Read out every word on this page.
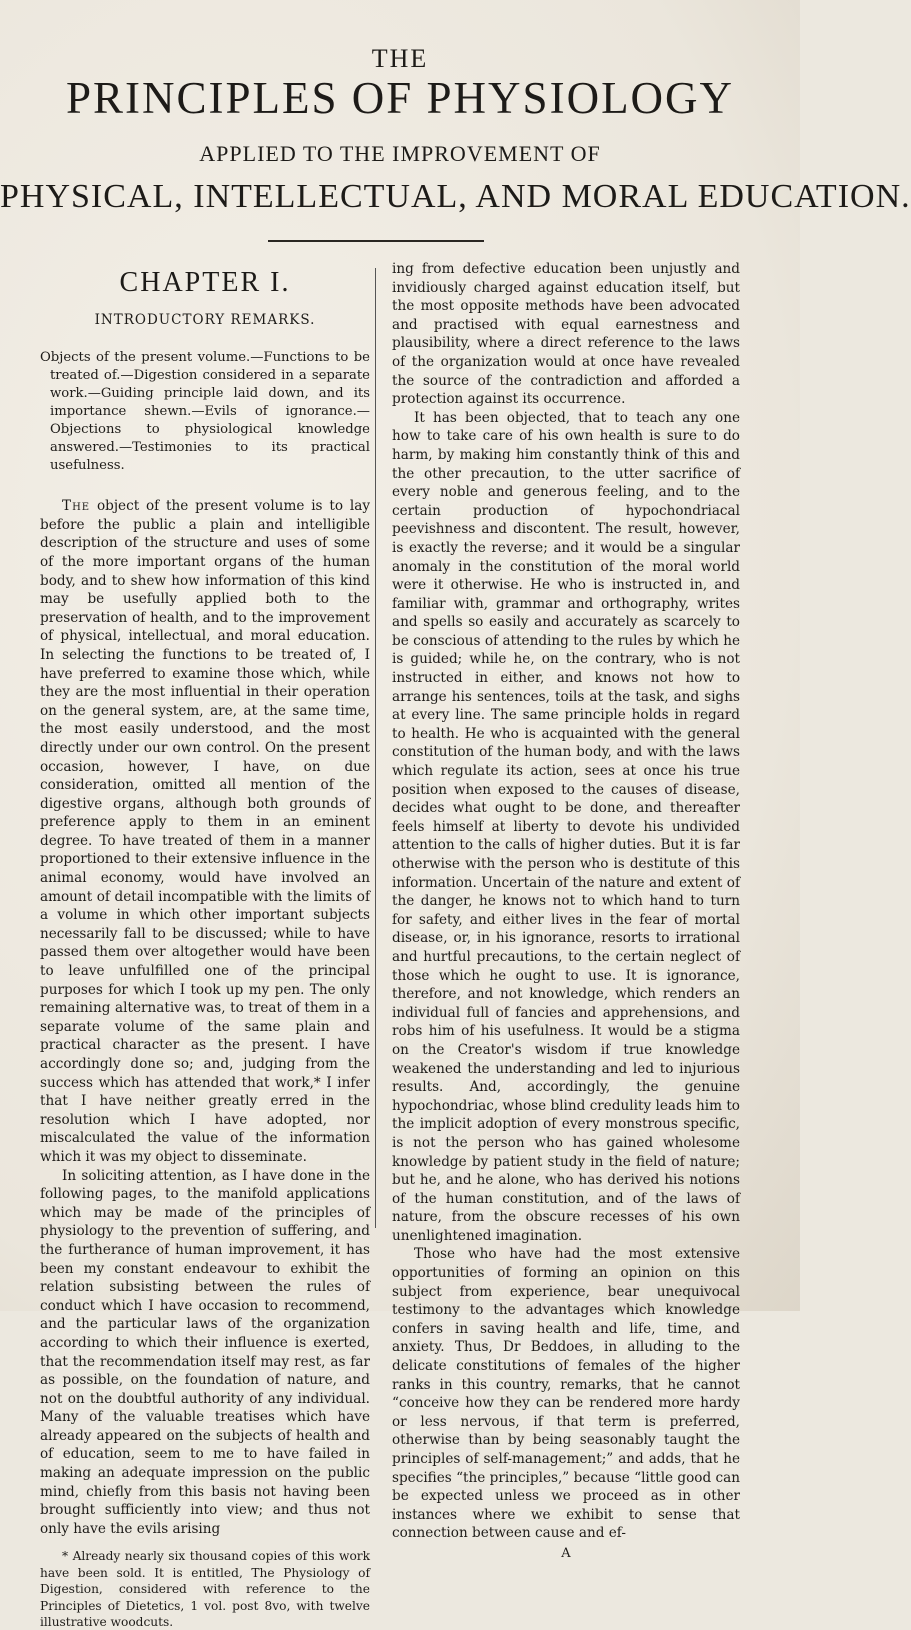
THE
PRINCIPLES OF PHYSIOLOGY
APPLIED TO THE IMPROVEMENT OF
PHYSICAL, INTELLECTUAL, AND MORAL EDUCATION.
CHAPTER I.
INTRODUCTORY REMARKS.
Objects of the present volume.—Functions to be treated of.—Digestion considered in a separate work.—Guiding principle laid down, and its importance shewn.—Evils of ignorance.—Objections to physiological knowledge answered.—Testimonies to its practical usefulness.

The object of the present volume is to lay before the public a plain and intelligible description of the structure and uses of some of the more important organs of the human body, and to shew how information of this kind may be usefully applied both to the preservation of health, and to the improvement of physical, intellectual, and moral education. In selecting the functions to be treated of, I have preferred to examine those which, while they are the most influential in their operation on the general system, are, at the same time, the most easily understood, and the most directly under our own control. On the present occasion, however, I have, on due consideration, omitted all mention of the digestive organs, although both grounds of preference apply to them in an eminent degree. To have treated of them in a manner proportioned to their extensive influence in the animal economy, would have involved an amount of detail incompatible with the limits of a volume in which other important subjects necessarily fall to be discussed; while to have passed them over altogether would have been to leave unfulfilled one of the principal purposes for which I took up my pen. The only remaining alternative was, to treat of them in a separate volume of the same plain and practical character as the present. I have accordingly done so; and, judging from the success which has attended that work,* I infer that I have neither greatly erred in the resolution which I have adopted, nor miscalculated the value of the information which it was my object to disseminate.

In soliciting attention, as I have done in the following pages, to the manifold applications which may be made of the principles of physiology to the prevention of suffering, and the furtherance of human improvement, it has been my constant endeavour to exhibit the relation subsisting between the rules of conduct which I have occasion to recommend, and the particular laws of the organization according to which their influence is exerted, that the recommendation itself may rest, as far as possible, on the foundation of nature, and not on the doubtful authority of any individual. Many of the valuable treatises which have already appeared on the subjects of health and of education, seem to me to have failed in making an adequate impression on the public mind, chiefly from this basis not having been brought sufficiently into view; and thus not only have the evils arising

* Already nearly six thousand copies of this work have been sold. It is entitled, The Physiology of Digestion, considered with reference to the Principles of Dietetics, 1 vol. post 8vo, with twelve illustrative woodcuts.

ing from defective education been unjustly and invidiously charged against education itself, but the most opposite methods have been advocated and practised with equal earnestness and plausibility, where a direct reference to the laws of the organization would at once have revealed the source of the contradiction and afforded a protection against its occurrence.

It has been objected, that to teach any one how to take care of his own health is sure to do harm, by making him constantly think of this and the other precaution, to the utter sacrifice of every noble and generous feeling, and to the certain production of hypochondriacal peevishness and discontent. The result, however, is exactly the reverse; and it would be a singular anomaly in the constitution of the moral world were it otherwise. He who is instructed in, and familiar with, grammar and orthography, writes and spells so easily and accurately as scarcely to be conscious of attending to the rules by which he is guided; while he, on the contrary, who is not instructed in either, and knows not how to arrange his sentences, toils at the task, and sighs at every line. The same principle holds in regard to health. He who is acquainted with the general constitution of the human body, and with the laws which regulate its action, sees at once his true position when exposed to the causes of disease, decides what ought to be done, and thereafter feels himself at liberty to devote his undivided attention to the calls of higher duties. But it is far otherwise with the person who is destitute of this information. Uncertain of the nature and extent of the danger, he knows not to which hand to turn for safety, and either lives in the fear of mortal disease, or, in his ignorance, resorts to irrational and hurtful precautions, to the certain neglect of those which he ought to use. It is ignorance, therefore, and not knowledge, which renders an individual full of fancies and apprehensions, and robs him of his usefulness. It would be a stigma on the Creator's wisdom if true knowledge weakened the understanding and led to injurious results. And, accordingly, the genuine hypochondriac, whose blind credulity leads him to the implicit adoption of every monstrous specific, is not the person who has gained wholesome knowledge by patient study in the field of nature; but he, and he alone, who has derived his notions of the human constitution, and of the laws of nature, from the obscure recesses of his own unenlightened imagination.

Those who have had the most extensive opportunities of forming an opinion on this subject from experience, bear unequivocal testimony to the advantages which knowledge confers in saving health and life, time, and anxiety. Thus, Dr Beddoes, in alluding to the delicate constitutions of females of the higher ranks in this country, remarks, that he cannot “conceive how they can be rendered more hardy or less nervous, if that term is preferred, otherwise than by being seasonably taught the principles of self-management;” and adds, that he specifies “the principles,” because “little good can be expected unless we proceed as in other instances where we exhibit to sense that connection between cause and ef-

A
